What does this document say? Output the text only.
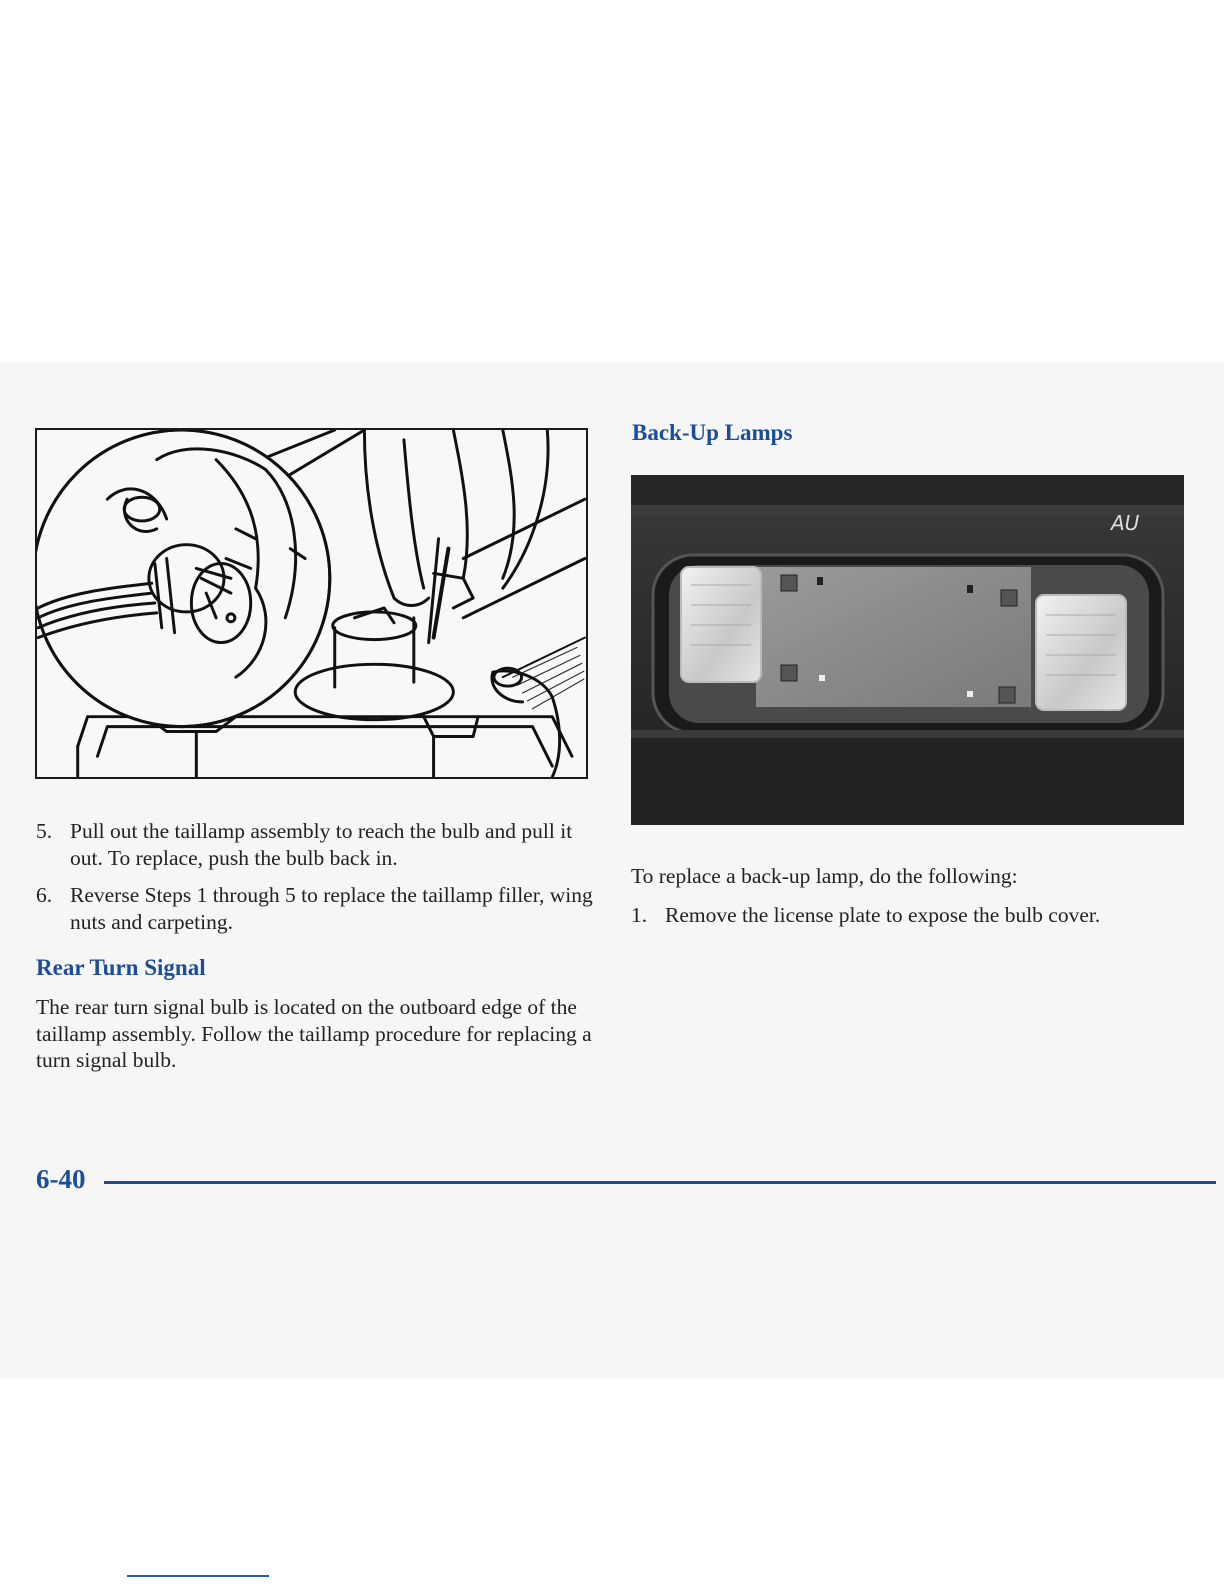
AU
Back-Up Lamps
5. Pull out the taillamp assembly to reach the bulb and pull it out. To replace, push the bulb back in.
6. Reverse Steps 1 through 5 to replace the taillamp filler, wing nuts and carpeting.
Rear Turn Signal

The rear turn signal bulb is located on the outboard edge of the taillamp assembly. Follow the taillamp procedure for replacing a turn signal bulb.

To replace a back-up lamp, do the following:

1. Remove the license plate to expose the bulb cover.
6-40
